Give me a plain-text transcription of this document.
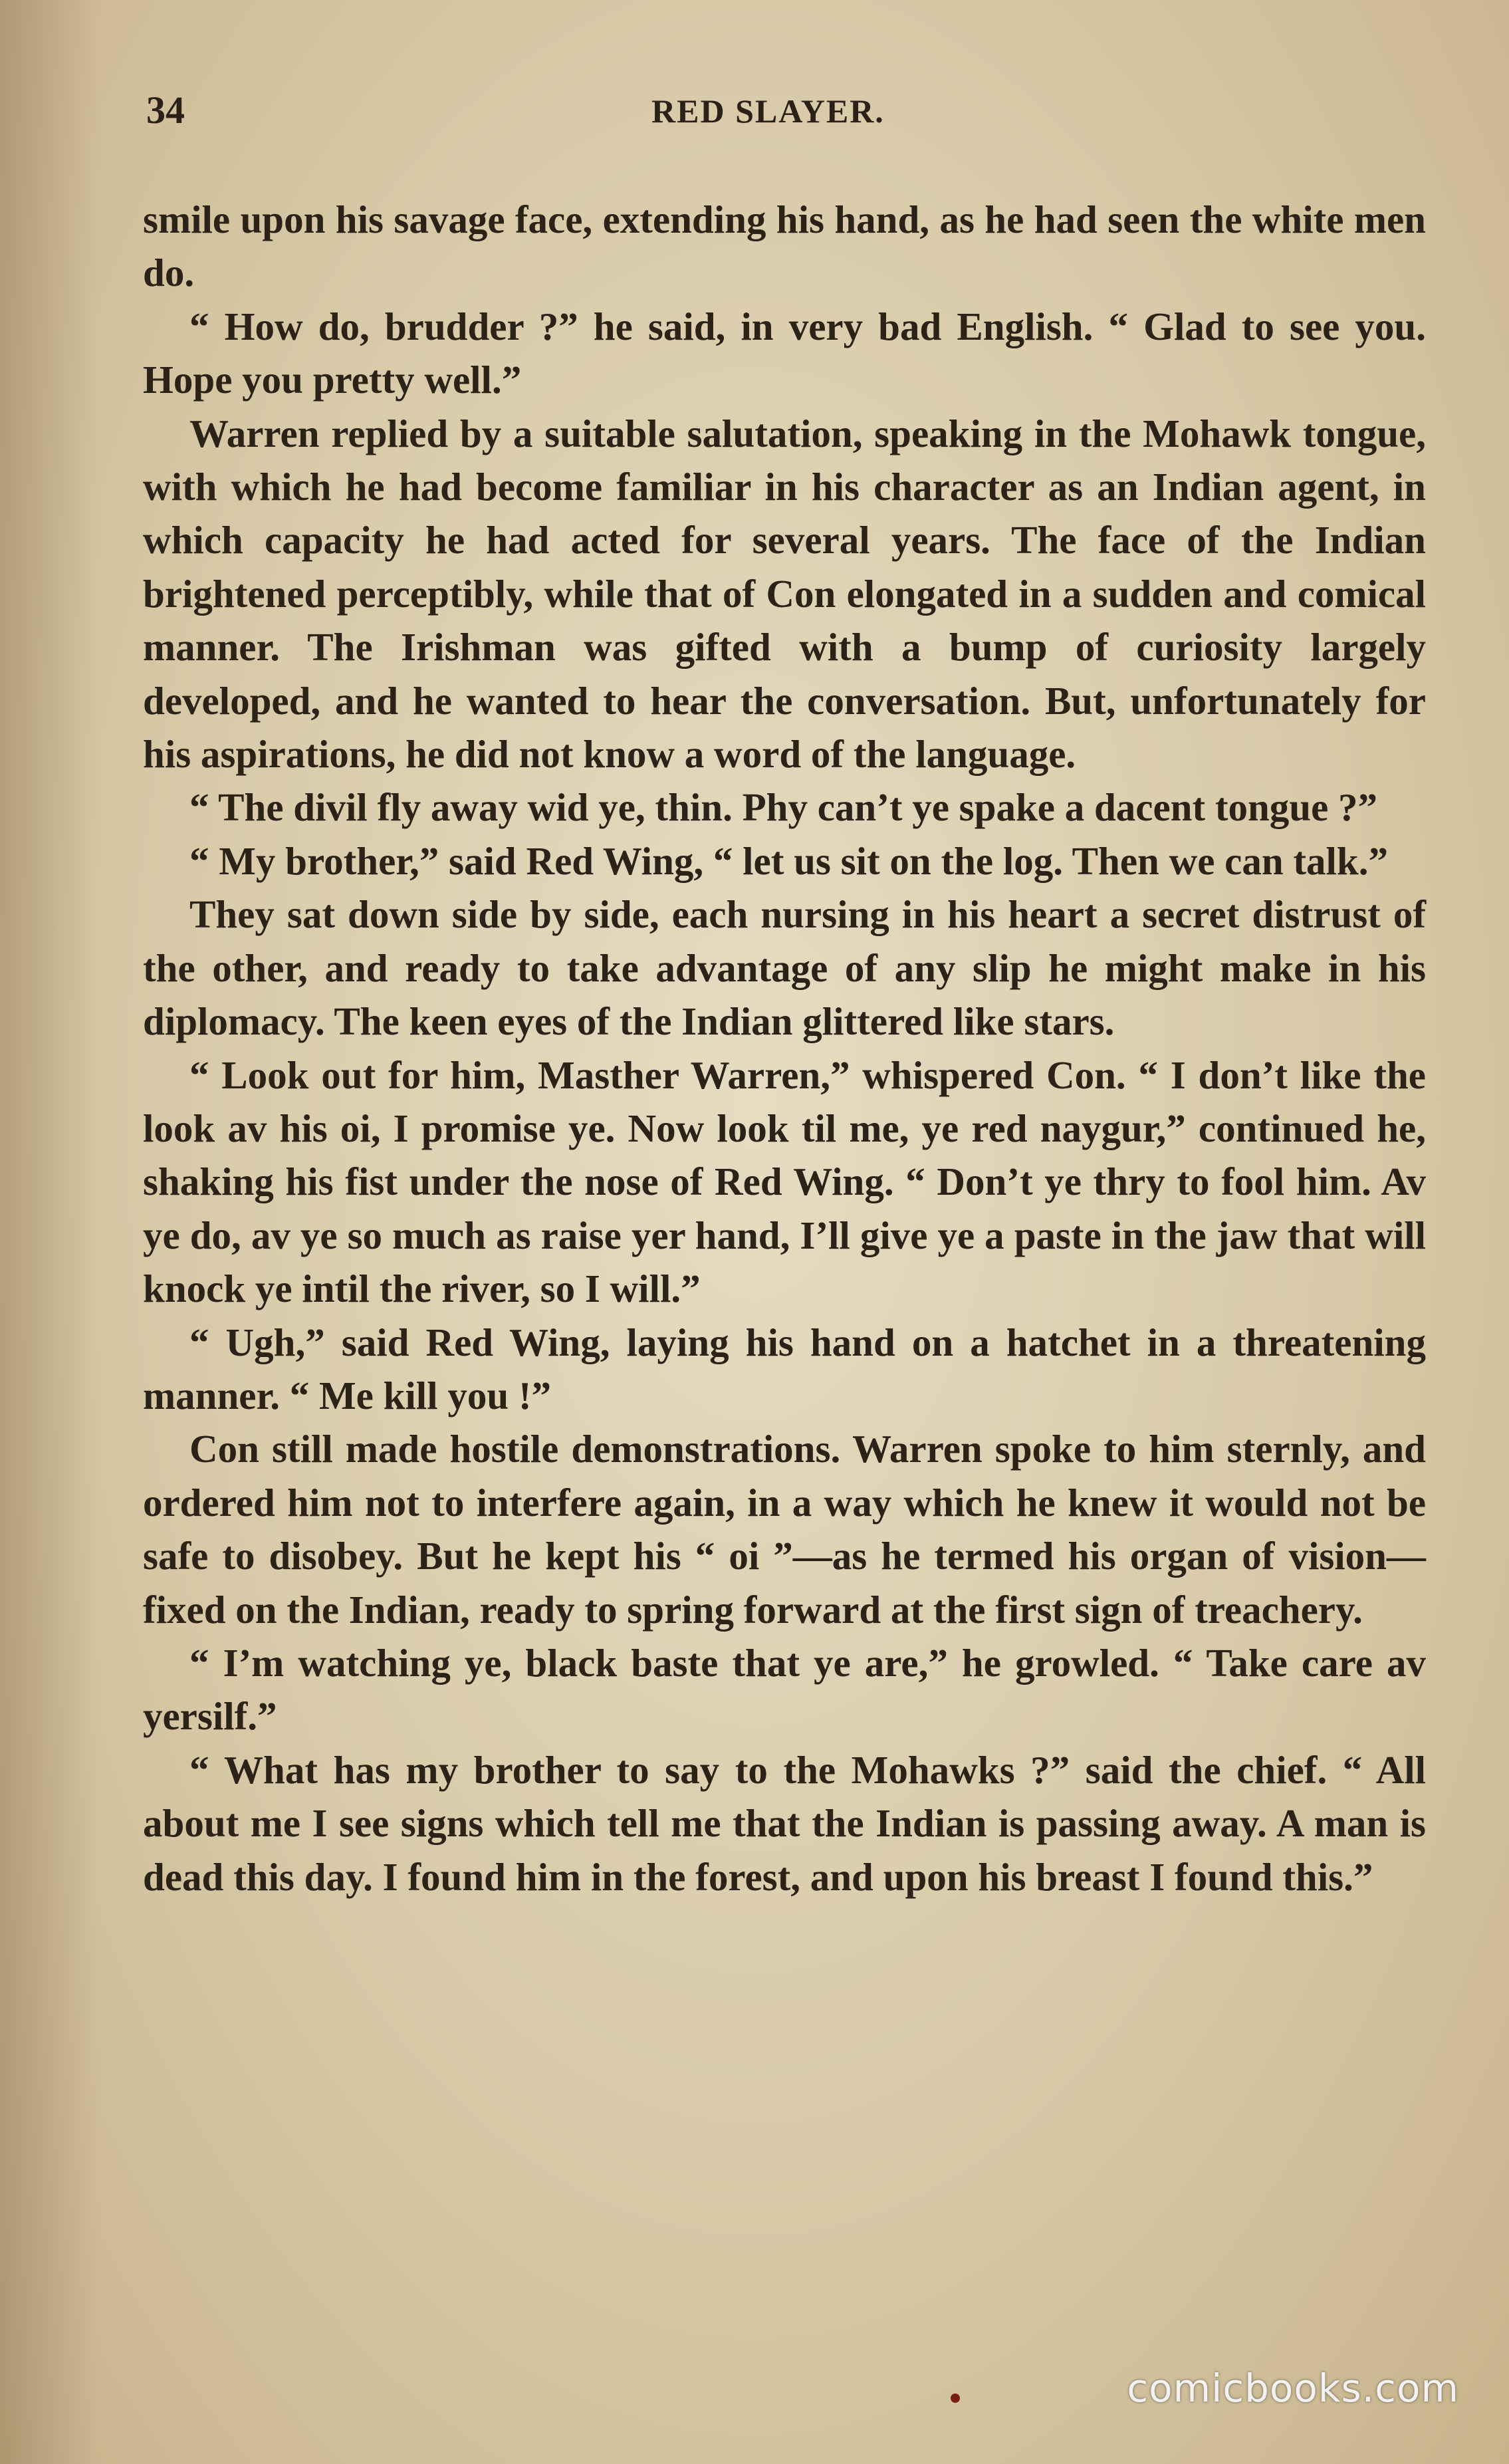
34	RED SLAYER.

smile upon his savage face, extending his hand, as he had seen the white men do.

“ How do, brudder ?” he said, in very bad English. “ Glad to see you. Hope you pretty well.”

Warren replied by a suitable salutation, speaking in the Mohawk tongue, with which he had become familiar in his character as an Indian agent, in which capacity he had acted for several years. The face of the Indian brightened perceptibly, while that of Con elongated in a sudden and comical manner. The Irishman was gifted with a bump of curiosity largely developed, and he wanted to hear the conversation. But, unfortunately for his aspirations, he did not know a word of the language.

“ The divil fly away wid ye, thin. Phy can’t ye spake a dacent tongue ?”

“ My brother,” said Red Wing, “ let us sit on the log. Then we can talk.”

They sat down side by side, each nursing in his heart a secret distrust of the other, and ready to take advantage of any slip he might make in his diplomacy. The keen eyes of the Indian glittered like stars.

“ Look out for him, Masther Warren,” whispered Con. “ I don’t like the look av his oi, I promise ye. Now look til me, ye red naygur,” continued he, shaking his fist under the nose of Red Wing. “ Don’t ye thry to fool him. Av ye do, av ye so much as raise yer hand, I’ll give ye a paste in the jaw that will knock ye intil the river, so I will.”

“ Ugh,” said Red Wing, laying his hand on a hatchet in a threatening manner. “ Me kill you !”

Con still made hostile demonstrations. Warren spoke to him sternly, and ordered him not to interfere again, in a way which he knew it would not be safe to disobey. But he kept his “ oi ”—as he termed his organ of vision—fixed on the Indian, ready to spring forward at the first sign of treachery.

“ I’m watching ye, black baste that ye are,” he growled. “ Take care av yersilf.”

“ What has my brother to say to the Mohawks ?” said the chief. “ All about me I see signs which tell me that the Indian is passing away. A man is dead this day. I found him in the forest, and upon his breast I found this.”

comicbooks.com
